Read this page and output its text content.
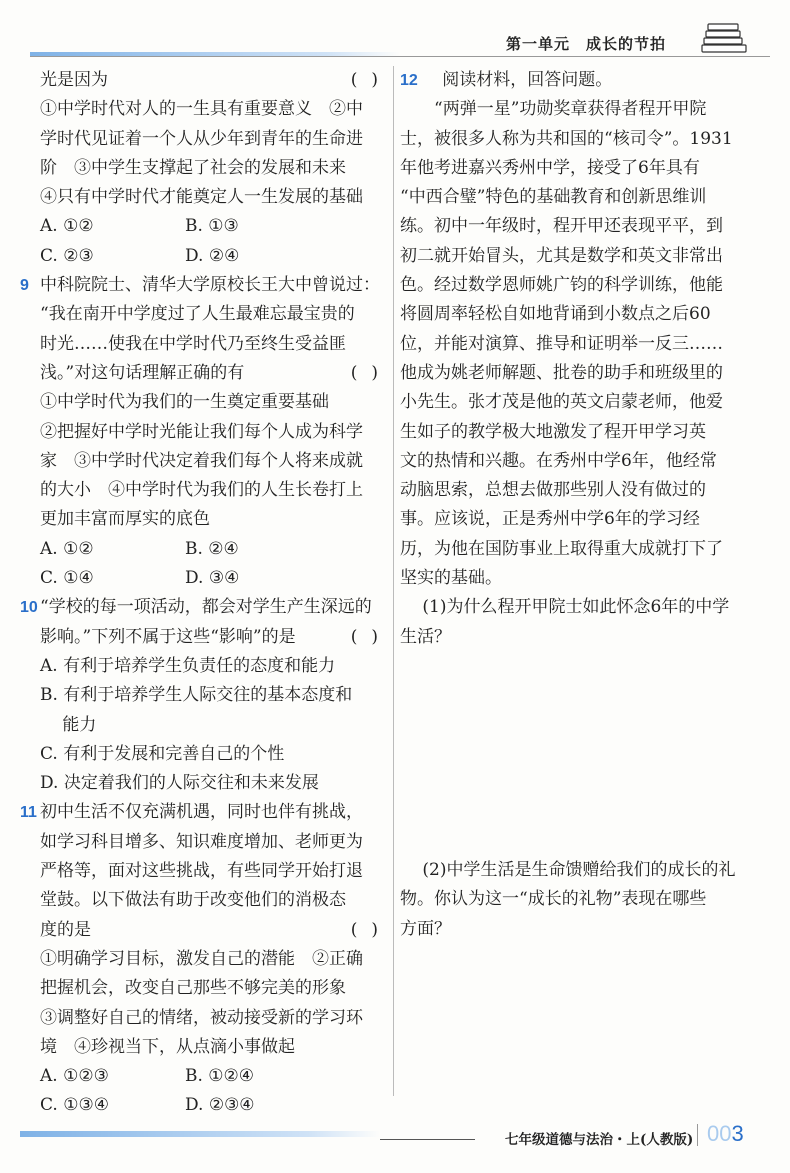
第一单元　成长的节拍
光是因为	()
①中学时代对人的一生具有重要意义　②中
学时代见证着一个人从少年到青年的生命进
阶　③中学生支撑起了社会的发展和未来
④只有中学时代才能奠定人一生发展的基础
A. ①②	B. ①③
C. ②③	D. ②④
9 中科院院士、清华大学原校长王大中曾说过：
“我在南开中学度过了人生最难忘最宝贵的
时光……使我在中学时代乃至终生受益匪
浅。”对这句话理解正确的有	()
①中学时代为我们的一生奠定重要基础
②把握好中学时光能让我们每个人成为科学
家　③中学时代决定着我们每个人将来成就
的大小　④中学时代为我们的人生长卷打上
更加丰富而厚实的底色
A. ①②	B. ②④
C. ①④	D. ③④
10 “学校的每一项活动，都会对学生产生深远的
影响。”下列不属于这些“影响”的是	()
A. 有利于培养学生负责任的态度和能力
B. 有利于培养学生人际交往的基本态度和
　 能力
C. 有利于发展和完善自己的个性
D. 决定着我们的人际交往和未来发展
11 初中生活不仅充满机遇，同时也伴有挑战，
如学习科目增多、知识难度增加、老师更为
严格等，面对这些挑战，有些同学开始打退
堂鼓。以下做法有助于改变他们的消极态
度的是	()
①明确学习目标，激发自己的潜能　②正确
把握机会，改变自己那些不够完美的形象
③调整好自己的情绪，被动接受新的学习环
境　④珍视当下，从点滴小事做起
A. ①②③	B. ①②④
C. ①③④	D. ②③④
12 　 阅读材料，回答问题。
　　“两弹一星”功勋奖章获得者程开甲院
士，被很多人称为共和国的“核司令”。1931
年他考进嘉兴秀州中学，接受了6年具有
“中西合璧”特色的基础教育和创新思维训
练。初中一年级时，程开甲还表现平平，到
初二就开始冒头，尤其是数学和英文非常出
色。经过数学恩师姚广钧的科学训练，他能
将圆周率轻松自如地背诵到小数点之后60
位，并能对演算、推导和证明举一反三……
他成为姚老师解题、批卷的助手和班级里的
小先生。张才茂是他的英文启蒙老师，他爱
生如子的教学极大地激发了程开甲学习英
文的热情和兴趣。在秀州中学6年，他经常
动脑思索，总想去做那些别人没有做过的
事。应该说，正是秀州中学6年的学习经
历，为他在国防事业上取得重大成就打下了
坚实的基础。
　 (1)为什么程开甲院士如此怀念6年的中学
生活？
　 (2)中学生活是生命馈赠给我们的成长的礼
物。你认为这一“成长的礼物”表现在哪些
方面？
七年级道德与法治・上(人教版) 003
